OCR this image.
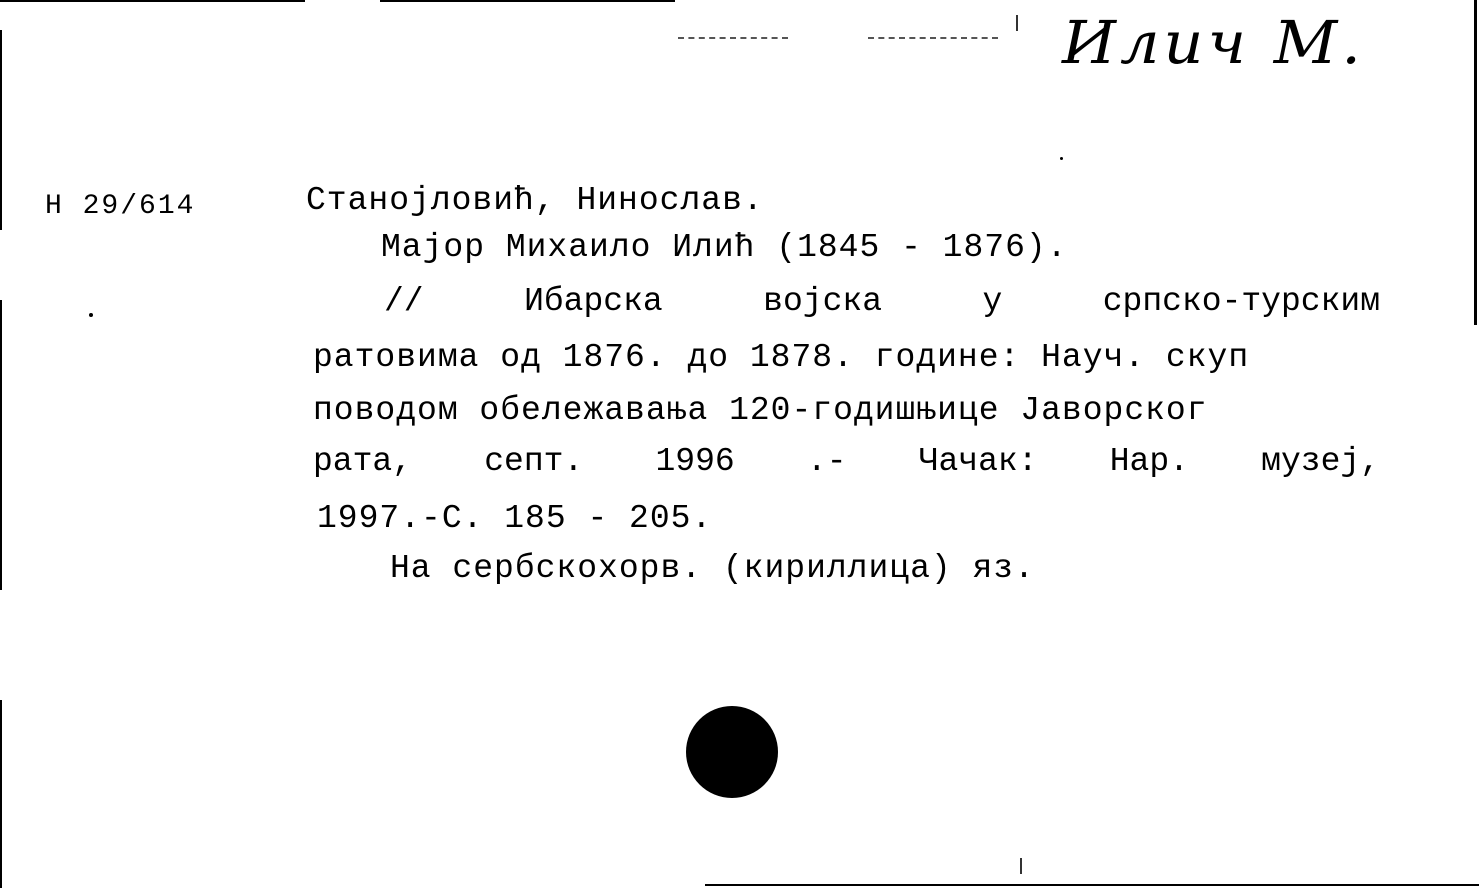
Илич М.
H 29/614	Станојловиħ, Нинослав.
Мајор Михаило Илиħ (1845 - 1876).
//	Ибарска	војска	у	српско-турским
ратовима од 1876. до 1878. године: Науч. скуп
поводом обележавања 120-годишњице Јаворског
рата, септ. 1996 .- Чачак: Нар. музеј,
1997.-С. 185 - 205.
На сербскохорв. (кириллица) яз.
